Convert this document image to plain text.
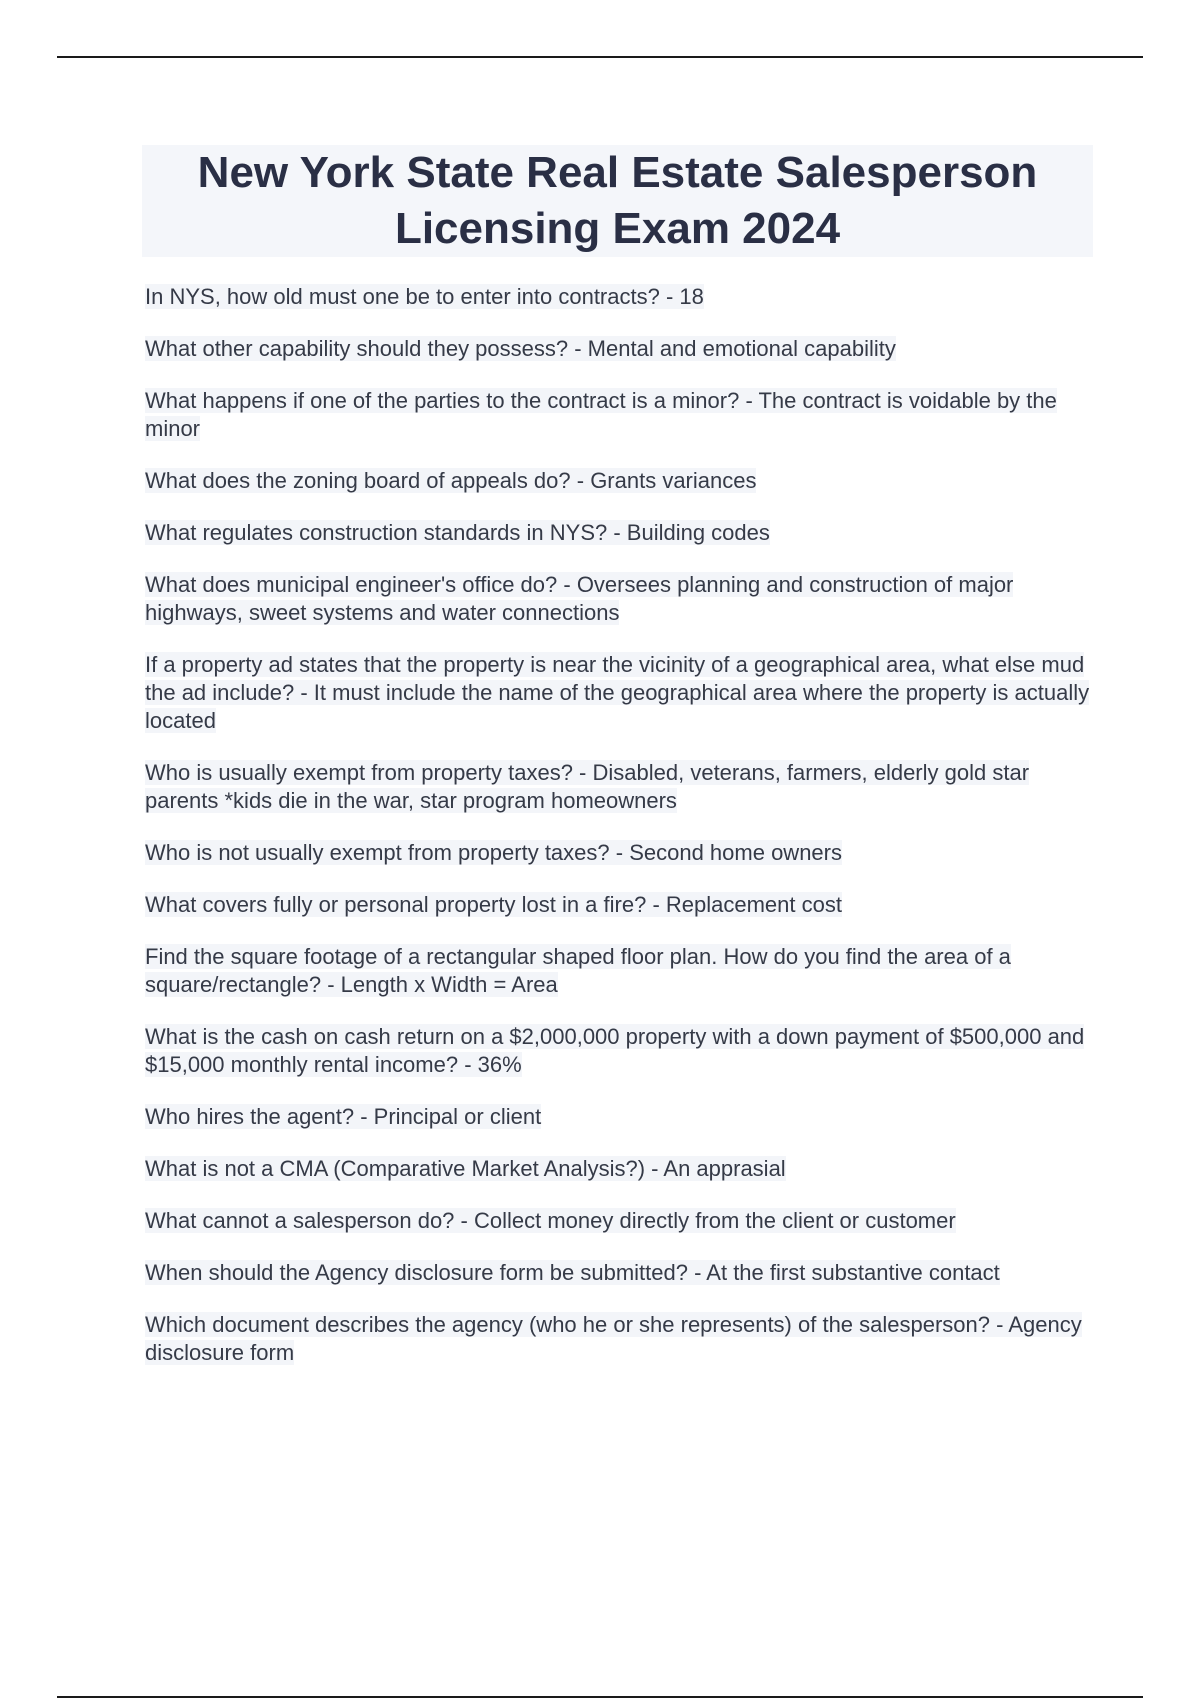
New York State Real Estate Salesperson Licensing Exam 2024

In NYS, how old must one be to enter into contracts? - 18

What other capability should they possess? - Mental and emotional capability

What happens if one of the parties to the contract is a minor? - The contract is voidable by the minor

What does the zoning board of appeals do? - Grants variances

What regulates construction standards in NYS? - Building codes

What does municipal engineer's office do? - Oversees planning and construction of major highways, sweet systems and water connections

If a property ad states that the property is near the vicinity of a geographical area, what else mud the ad include? - It must include the name of the geographical area where the property is actually located

Who is usually exempt from property taxes? - Disabled, veterans, farmers, elderly gold star parents *kids die in the war, star program homeowners

Who is not usually exempt from property taxes? - Second home owners

What covers fully or personal property lost in a fire? - Replacement cost

Find the square footage of a rectangular shaped floor plan. How do you find the area of a square/rectangle? - Length x Width = Area

What is the cash on cash return on a $2,000,000 property with a down payment of $500,000 and $15,000 monthly rental income? - 36%

Who hires the agent? - Principal or client

What is not a CMA (Comparative Market Analysis?) - An apprasial

What cannot a salesperson do? - Collect money directly from the client or customer

When should the Agency disclosure form be submitted? - At the first substantive contact

Which document describes the agency (who he or she represents) of the salesperson? - Agency disclosure form
